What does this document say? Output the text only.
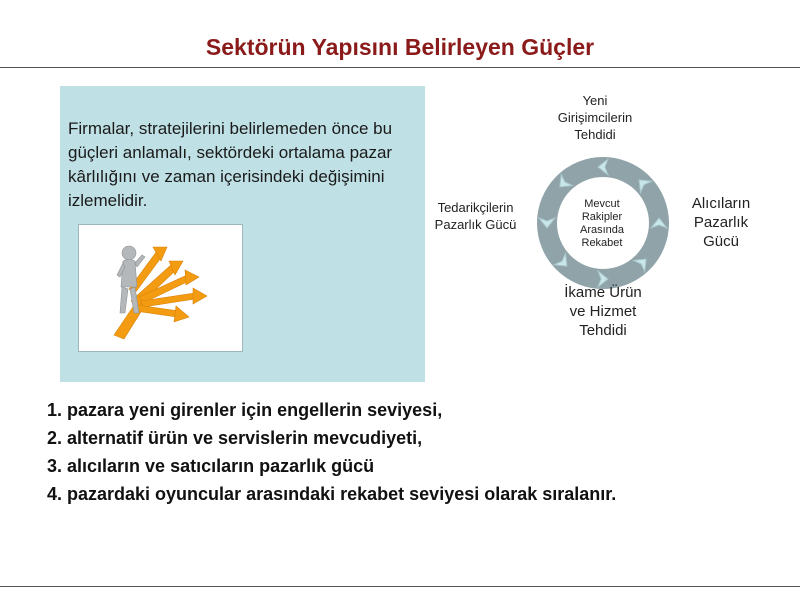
Sektörün Yapısını Belirleyen Güçler
Firmalar, stratejilerini belirlemeden önce bu güçleri anlamalı, sektördeki ortalama pazar kârlılığını ve zaman içerisindeki değişimini izlemelidir.	Mevcut
Rakipler
Arasında
Rekabet
Yeni
Girişimcilerin
Tehdidi
Tedarikçilerin
Pazarlık Gücü
Alıcıların
Pazarlık
Gücü
İkame Ürün
ve Hizmet
Tehdidi
1. pazara yeni girenler için engellerin seviyesi,
2. alternatif ürün ve servislerin mevcudiyeti,
3. alıcıların ve satıcıların pazarlık gücü
4. pazardaki oyuncular arasındaki rekabet seviyesi olarak sıralanır.
